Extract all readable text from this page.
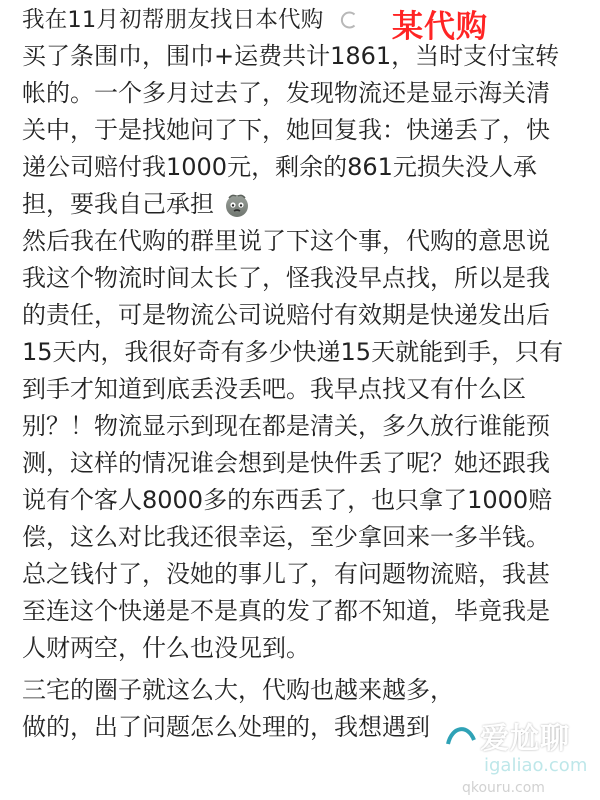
我在11月初帮朋友找日本代购
买了条围巾，围巾+运费共计1861，当时支付宝转
帐的。一个多月过去了，发现物流还是显示海关清
关中，于是找她问了下，她回复我：快递丢了，快
递公司赔付我1000元，剩余的861元损失没人承
担，要我自己承担
然后我在代购的群里说了下这个事，代购的意思说
我这个物流时间太长了，怪我没早点找，所以是我
的责任，可是物流公司说赔付有效期是快递发出后
15天内，我很好奇有多少快递15天就能到手，只有
到手才知道到底丢没丢吧。我早点找又有什么区
别？！物流显示到现在都是清关，多久放行谁能预
测，这样的情况谁会想到是快件丢了呢？她还跟我
说有个客人8000多的东西丢了，也只拿了1000赔
偿，这么对比我还很幸运，至少拿回来一多半钱。
总之钱付了，没她的事儿了，有问题物流赔，我甚
至连这个快递是不是真的发了都不知道，毕竟我是
人财两空，什么也没见到。
三宅的圈子就这么大，代购也越来越多，
做的，出了问题怎么处理的，我想遇到
某代购
爱尬聊
igaliao.com
qkouru.com
